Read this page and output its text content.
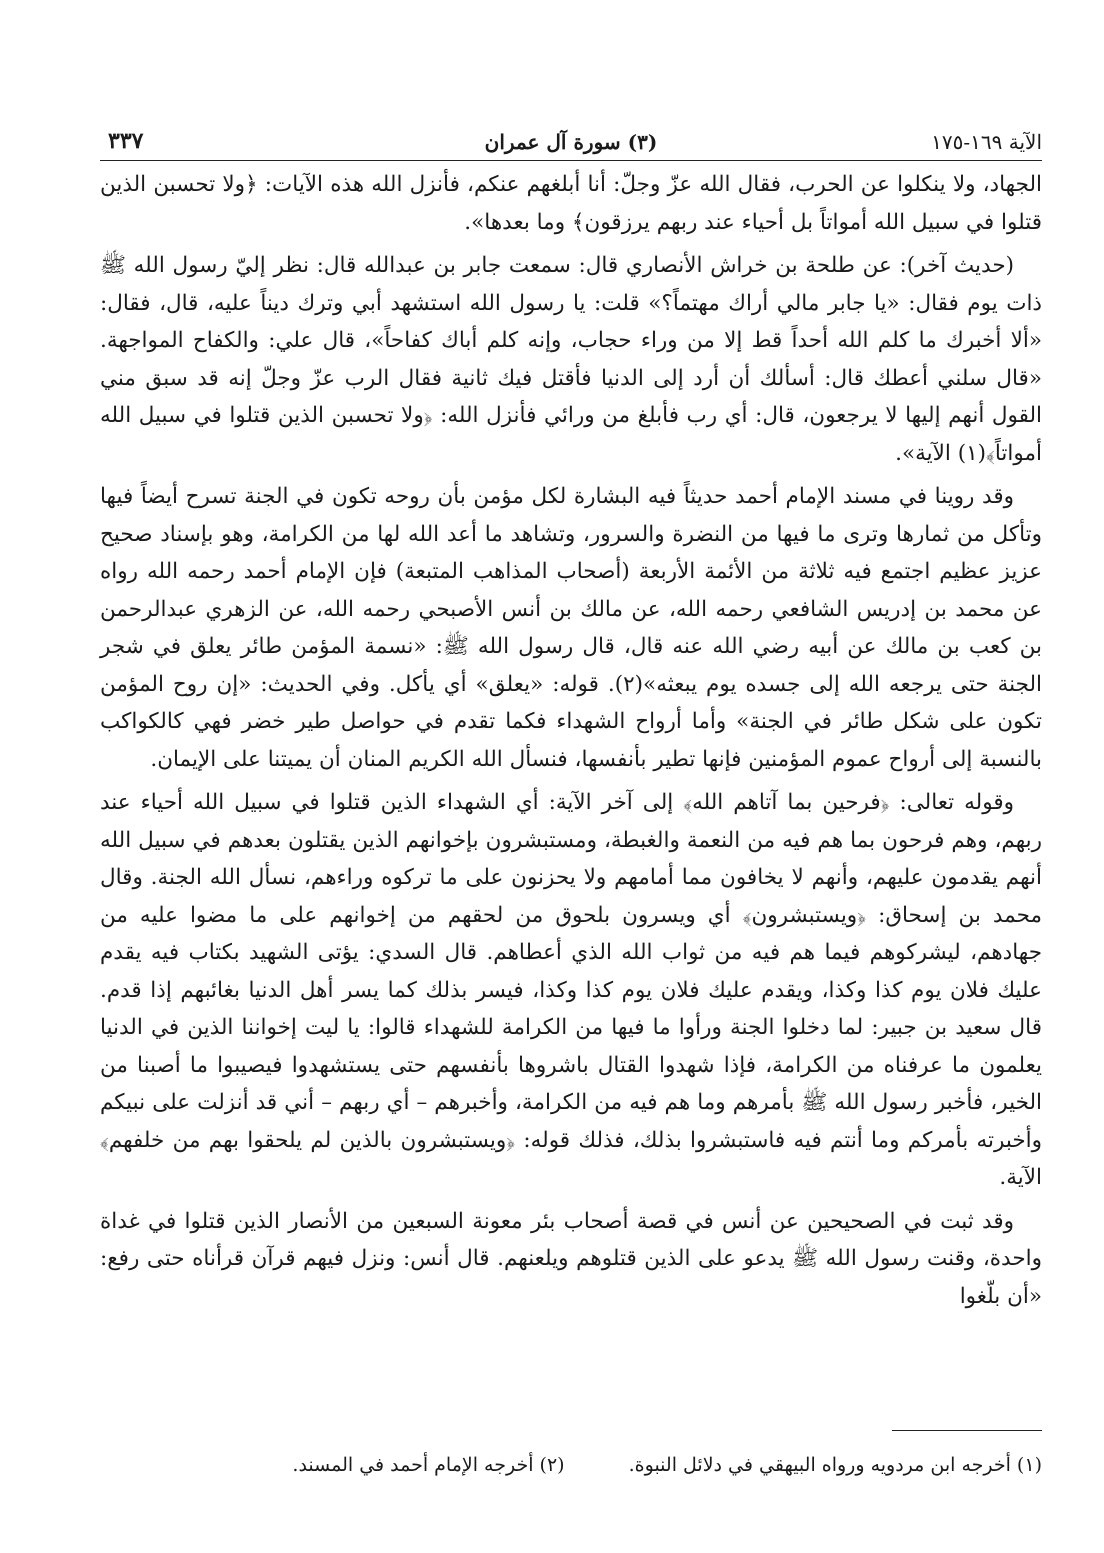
الآية ١٦٩-١٧٥
(٣) سورة آل عمران
٣٣٧

الجهاد، ولا ينكلوا عن الحرب، فقال الله عزّ وجلّ: أنا أبلغهم عنكم، فأنزل الله هذه الآيات: ﴿ولا تحسبن الذين قتلوا في سبيل الله أمواتاً بل أحياء عند ربهم يرزقون﴾ وما بعدها».

(حديث آخر): عن طلحة بن خراش الأنصاري قال: سمعت جابر بن عبدالله قال: نظر إليّ رسول الله ﷺ ذات يوم فقال: «يا جابر مالي أراك مهتماً؟» قلت: يا رسول الله استشهد أبي وترك ديناً عليه، قال، فقال: «ألا أخبرك ما كلم الله أحداً قط إلا من وراء حجاب، وإنه كلم أباك كفاحاً»، قال علي: والكفاح المواجهة. «قال سلني أعطك قال: أسألك أن أرد إلى الدنيا فأقتل فيك ثانية فقال الرب عزّ وجلّ إنه قد سبق مني القول أنهم إليها لا يرجعون، قال: أي رب فأبلغ من ورائي فأنزل الله: ﴿ولا تحسبن الذين قتلوا في سبيل الله أمواتاً﴾(١) الآية».

وقد روينا في مسند الإمام أحمد حديثاً فيه البشارة لكل مؤمن بأن روحه تكون في الجنة تسرح أيضاً فيها وتأكل من ثمارها وترى ما فيها من النضرة والسرور، وتشاهد ما أعد الله لها من الكرامة، وهو بإسناد صحيح عزيز عظيم اجتمع فيه ثلاثة من الأئمة الأربعة (أصحاب المذاهب المتبعة) فإن الإمام أحمد رحمه الله رواه عن محمد بن إدريس الشافعي رحمه الله، عن مالك بن أنس الأصبحي رحمه الله، عن الزهري عبدالرحمن بن كعب بن مالك عن أبيه رضي الله عنه قال، قال رسول الله ﷺ: «نسمة المؤمن طائر يعلق في شجر الجنة حتى يرجعه الله إلى جسده يوم يبعثه»(٢). قوله: «يعلق» أي يأكل. وفي الحديث: «إن روح المؤمن تكون على شكل طائر في الجنة» وأما أرواح الشهداء فكما تقدم في حواصل طير خضر فهي كالكواكب بالنسبة إلى أرواح عموم المؤمنين فإنها تطير بأنفسها، فنسأل الله الكريم المنان أن يميتنا على الإيمان.

وقوله تعالى: ﴿فرحين بما آتاهم الله﴾ إلى آخر الآية: أي الشهداء الذين قتلوا في سبيل الله أحياء عند ربهم، وهم فرحون بما هم فيه من النعمة والغبطة، ومستبشرون بإخوانهم الذين يقتلون بعدهم في سبيل الله أنهم يقدمون عليهم، وأنهم لا يخافون مما أمامهم ولا يحزنون على ما تركوه وراءهم، نسأل الله الجنة. وقال محمد بن إسحاق: ﴿ويستبشرون﴾ أي ويسرون بلحوق من لحقهم من إخوانهم على ما مضوا عليه من جهادهم، ليشركوهم فيما هم فيه من ثواب الله الذي أعطاهم. قال السدي: يؤتى الشهيد بكتاب فيه يقدم عليك فلان يوم كذا وكذا، ويقدم عليك فلان يوم كذا وكذا، فيسر بذلك كما يسر أهل الدنيا بغائبهم إذا قدم. قال سعيد بن جبير: لما دخلوا الجنة ورأوا ما فيها من الكرامة للشهداء قالوا: يا ليت إخواننا الذين في الدنيا يعلمون ما عرفناه من الكرامة، فإذا شهدوا القتال باشروها بأنفسهم حتى يستشهدوا فيصيبوا ما أصبنا من الخير، فأخبر رسول الله ﷺ بأمرهم وما هم فيه من الكرامة، وأخبرهم – أي ربهم – أني قد أنزلت على نبيكم وأخبرته بأمركم وما أنتم فيه فاستبشروا بذلك، فذلك قوله: ﴿ويستبشرون بالذين لم يلحقوا بهم من خلفهم﴾ الآية.

وقد ثبت في الصحيحين عن أنس في قصة أصحاب بئر معونة السبعين من الأنصار الذين قتلوا في غداة واحدة، وقنت رسول الله ﷺ يدعو على الذين قتلوهم ويلعنهم. قال أنس: ونزل فيهم قرآن قرأناه حتى رفع: «أن بلّغوا

(١) أخرجه ابن مردويه ورواه البيهقي في دلائل النبوة. (٢) أخرجه الإمام أحمد في المسند.
